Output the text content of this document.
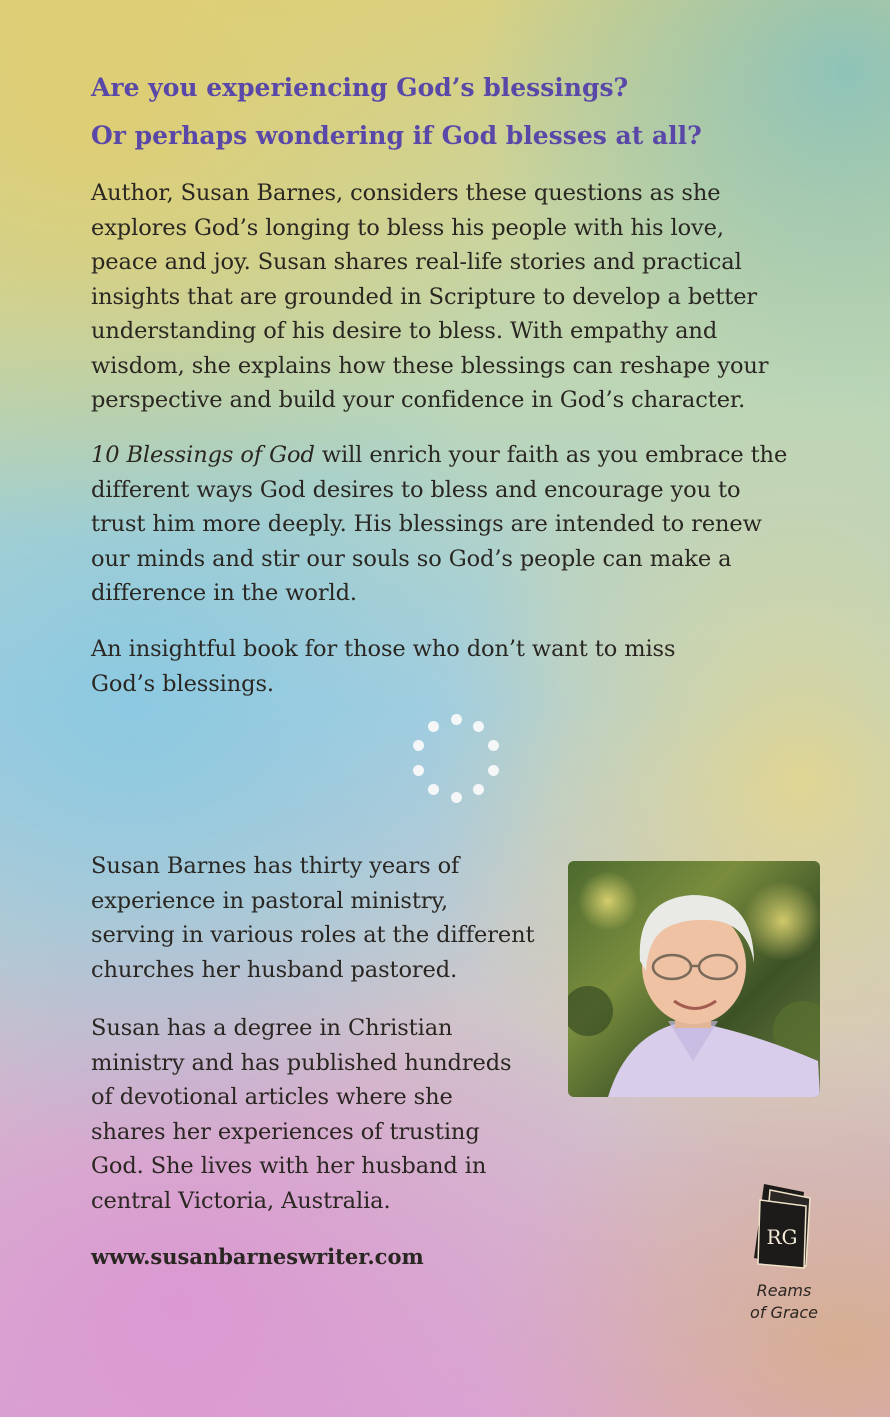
Are you experiencing God’s blessings?
Or perhaps wondering if God blesses at all?
Author, Susan Barnes, considers these questions as she
explores God’s longing to bless his people with his love,
peace and joy. Susan shares real-life stories and practical
insights that are grounded in Scripture to develop a better
understanding of his desire to bless. With empathy and
wisdom, she explains how these blessings can reshape your
perspective and build your confidence in God’s character.
10 Blessings of God will enrich your faith as you embrace the
different ways God desires to bless and encourage you to
trust him more deeply. His blessings are intended to renew
our minds and stir our souls so God’s people can make a
difference in the world.
An insightful book for those who don’t want to miss
God’s blessings.
Susan Barnes has thirty years of
experience in pastoral ministry,
serving in various roles at the different
churches her husband pastored.
Susan has a degree in Christian
ministry and has published hundreds
of devotional articles where she
shares her experiences of trusting
God. She lives with her husband in
central Victoria, Australia.
www.susanbarneswriter.com
RG
Reams
of Grace
